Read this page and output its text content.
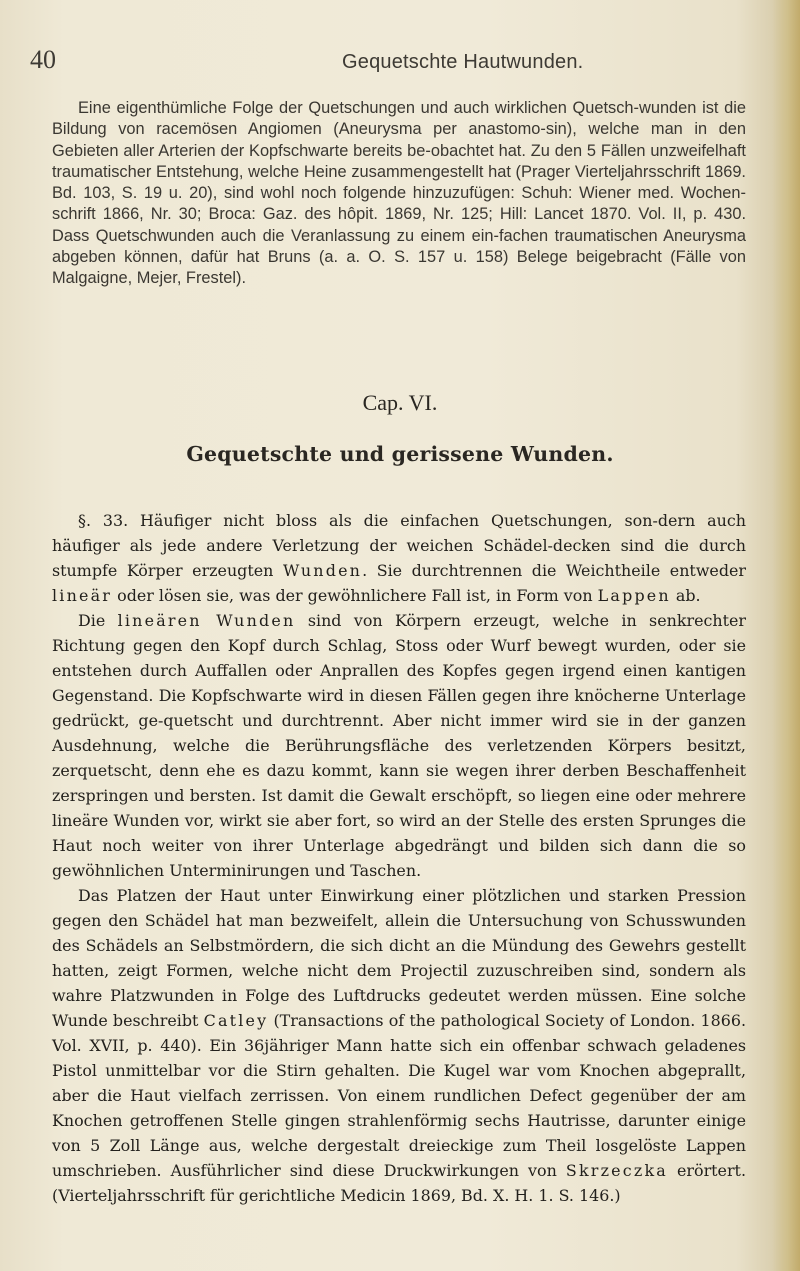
40	Gequetschte Hautwunden.
Eine eigenthümliche Folge der Quetschungen und auch wirklichen Quetsch-wunden ist die Bildung von racemösen Angiomen (Aneurysma per anastomo-sin), welche man in den Gebieten aller Arterien der Kopfschwarte bereits be-obachtet hat. Zu den 5 Fällen unzweifelhaft traumatischer Entstehung, welche Heine zusammengestellt hat (Prager Vierteljahrsschrift 1869. Bd. 103, S. 19 u. 20), sind wohl noch folgende hinzuzufügen: Schuh: Wiener med. Wochen-schrift 1866, Nr. 30; Broca: Gaz. des hôpit. 1869, Nr. 125; Hill: Lancet 1870. Vol. II, p. 430. Dass Quetschwunden auch die Veranlassung zu einem ein-fachen traumatischen Aneurysma abgeben können, dafür hat Bruns (a. a. O. S. 157 u. 158) Belege beigebracht (Fälle von Malgaigne, Mejer, Frestel).
Cap. VI.
Gequetschte und gerissene Wunden.

§. 33. Häufiger nicht bloss als die einfachen Quetschungen, son-dern auch häufiger als jede andere Verletzung der weichen Schädel-decken sind die durch stumpfe Körper erzeugten Wunden. Sie durchtrennen die Weichtheile entweder lineär oder lösen sie, was der gewöhnlichere Fall ist, in Form von Lappen ab.

Die lineären Wunden sind von Körpern erzeugt, welche in senkrechter Richtung gegen den Kopf durch Schlag, Stoss oder Wurf bewegt wurden, oder sie entstehen durch Auffallen oder Anprallen des Kopfes gegen irgend einen kantigen Gegenstand. Die Kopfschwarte wird in diesen Fällen gegen ihre knöcherne Unterlage gedrückt, ge-quetscht und durchtrennt. Aber nicht immer wird sie in der ganzen Ausdehnung, welche die Berührungsfläche des verletzenden Körpers besitzt, zerquetscht, denn ehe es dazu kommt, kann sie wegen ihrer derben Beschaffenheit zerspringen und bersten. Ist damit die Gewalt erschöpft, so liegen eine oder mehrere lineäre Wunden vor, wirkt sie aber fort, so wird an der Stelle des ersten Sprunges die Haut noch weiter von ihrer Unterlage abgedrängt und bilden sich dann die so gewöhnlichen Unterminirungen und Taschen.

Das Platzen der Haut unter Einwirkung einer plötzlichen und starken Pression gegen den Schädel hat man bezweifelt, allein die Untersuchung von Schusswunden des Schädels an Selbstmördern, die sich dicht an die Mündung des Gewehrs gestellt hatten, zeigt Formen, welche nicht dem Projectil zuzuschreiben sind, sondern als wahre Platzwunden in Folge des Luftdrucks gedeutet werden müssen. Eine solche Wunde beschreibt Catley (Transactions of the pathological Society of London. 1866. Vol. XVII, p. 440). Ein 36jähriger Mann hatte sich ein offenbar schwach geladenes Pistol unmittelbar vor die Stirn gehalten. Die Kugel war vom Knochen abgeprallt, aber die Haut vielfach zerrissen. Von einem rundlichen Defect gegenüber der am Knochen getroffenen Stelle gingen strahlenförmig sechs Hautrisse, darunter einige von 5 Zoll Länge aus, welche dergestalt dreieckige zum Theil losgelöste Lappen umschrieben. Ausführlicher sind diese Druckwirkungen von Skrzeczka erörtert. (Vierteljahrsschrift für gerichtliche Medicin 1869, Bd. X. H. 1. S. 146.)
